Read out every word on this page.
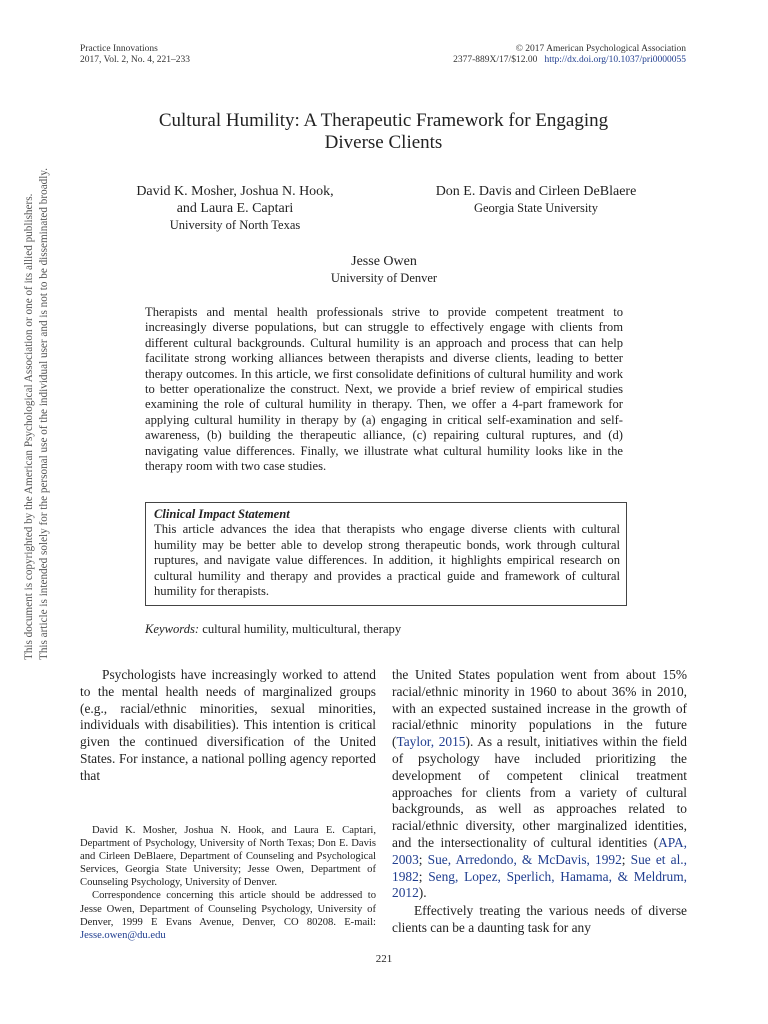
Practice Innovations
2017, Vol. 2, No. 4, 221–233
© 2017 American Psychological Association
2377-889X/17/$12.00 http://dx.doi.org/10.1037/pri0000055
Cultural Humility: A Therapeutic Framework for Engaging
Diverse Clients
David K. Mosher, Joshua N. Hook,
and Laura E. Captari
University of North Texas
Don E. Davis and Cirleen DeBlaere
Georgia State University
Jesse Owen
University of Denver
Therapists and mental health professionals strive to provide competent treatment to increasingly diverse populations, but can struggle to effectively engage with clients from different cultural backgrounds. Cultural humility is an approach and process that can help facilitate strong working alliances between therapists and diverse clients, leading to better therapy outcomes. In this article, we first consolidate definitions of cultural humility and work to better operationalize the construct. Next, we provide a brief review of empirical studies examining the role of cultural humility in therapy. Then, we offer a 4-part framework for applying cultural humility in therapy by (a) engaging in critical self-examination and self-awareness, (b) building the therapeutic alliance, (c) repairing cultural ruptures, and (d) navigating value differences. Finally, we illustrate what cultural humility looks like in the therapy room with two case studies.
Clinical Impact Statement
This article advances the idea that therapists who engage diverse clients with cultural humility may be better able to develop strong therapeutic bonds, work through cultural ruptures, and navigate value differences. In addition, it highlights empirical research on cultural humility and therapy and provides a practical guide and framework of cultural humility for therapists.
Keywords: cultural humility, multicultural, therapy

Psychologists have increasingly worked to attend to the mental health needs of marginalized groups (e.g., racial/ethnic minorities, sexual minorities, individuals with disabilities). This intention is critical given the continued diversification of the United States. For instance, a national polling agency reported that

the United States population went from about 15% racial/ethnic minority in 1960 to about 36% in 2010, with an expected sustained increase in the growth of racial/ethnic minority populations in the future (Taylor, 2015). As a result, initiatives within the field of psychology have included prioritizing the development of competent clinical treatment approaches for clients from a variety of cultural backgrounds, as well as approaches related to racial/ethnic diversity, other marginalized identities, and the intersectionality of cultural identities (APA, 2003; Sue, Arredondo, & McDavis, 1992; Sue et al., 1982; Seng, Lopez, Sperlich, Hamama, & Meldrum, 2012).

Effectively treating the various needs of diverse clients can be a daunting task for any

David K. Mosher, Joshua N. Hook, and Laura E. Captari, Department of Psychology, University of North Texas; Don E. Davis and Cirleen DeBlaere, Department of Counseling and Psychological Services, Georgia State University; Jesse Owen, Department of Counseling Psychology, University of Denver.

Correspondence concerning this article should be addressed to Jesse Owen, Department of Counseling Psychology, University of Denver, 1999 E Evans Avenue, Denver, CO 80208. E-mail: Jesse.owen@du.edu

221
This document is copyrighted by the American Psychological Association or one of its allied publishers. This article is intended solely for the personal use of the individual user and is not to be disseminated broadly.
